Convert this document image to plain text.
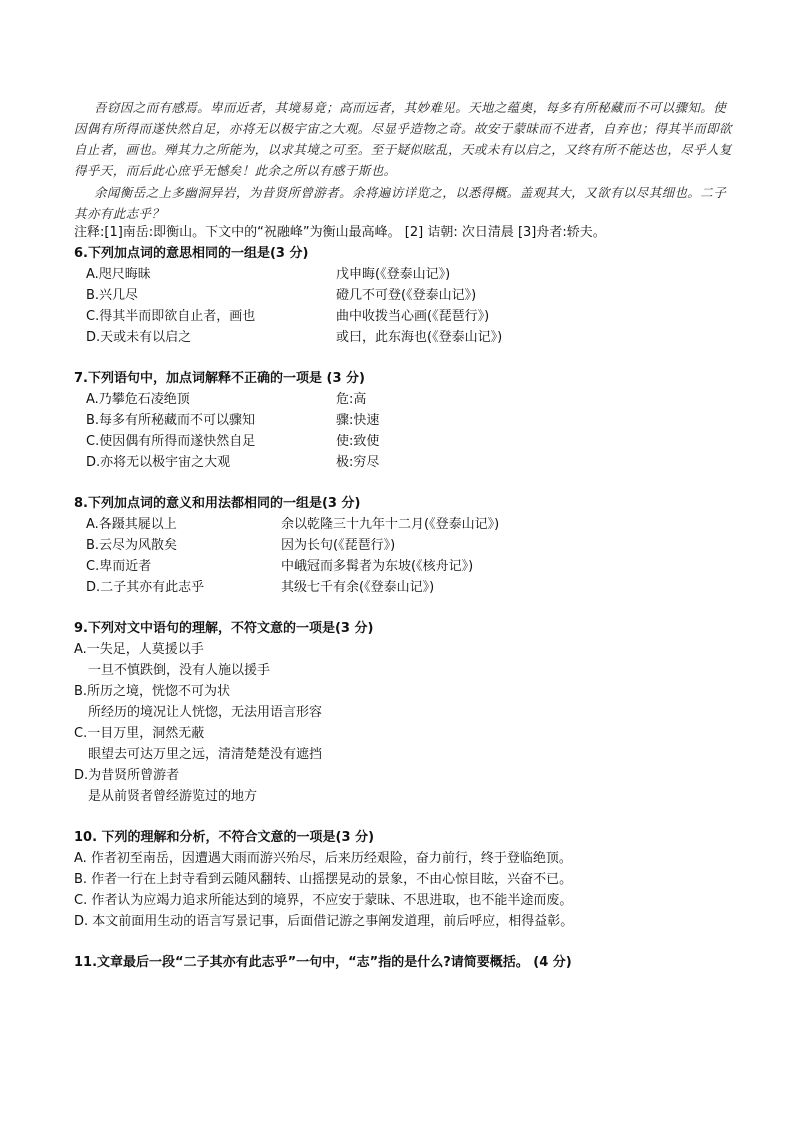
吾窃因之而有感焉。卑而近者，其境易竟；高而远者，其妙难见。天地之蕴奥，每多有所秘藏而不可以骤知。使因偶有所得而遂快然自足，亦将无以极宇宙之大观。尽显乎造物之奇。故安于蒙昧而不进者，自弃也；得其半而即欲自止者，画也。殚其力之所能为，以求其境之可至。至于疑似眩乱，天或未有以启之，又终有所不能达也，尽乎人复得乎天，而后此心庶乎无憾矣！此余之所以有感于斯也。
余闻衡岳之上多幽洞异岩，为昔贤所曾游者。余将遍访详览之，以悉得概。盖观其大，又欲有以尽其细也。二子其亦有此志乎？
注释:[1]南岳:即衡山。下文中的“祝融峰”为衡山最高峰。 [2] 诘朝: 次日清晨 [3]舟者:轿夫。
6.下列加点词的意思相同的一组是(3 分)
A.咫尺晦昧	戊申晦(《登泰山记》)
B.兴几尽	磴几不可登(《登泰山记》)
C.得其半而即欲自止者，画也	曲中收拨当心画(《琵琶行》)
D.天或未有以启之	或曰，此东海也(《登泰山记》)
7.下列语句中，加点词解释不正确的一项是 (3 分)
A.乃攀危石凌绝顶	危:高
B.每多有所秘藏而不可以骤知	骤:快速
C.使因偶有所得而遂快然自足	使:致使
D.亦将无以极宇宙之大观	极:穷尽
8.下列加点词的意义和用法都相同的一组是(3 分)
A.各蹑其屣以上	余以乾隆三十九年十二月(《登泰山记》)
B.云尽为风散矣	因为长句(《琵琶行》)
C.卑而近者	中峨冠而多髯者为东坡(《核舟记》)
D.二子其亦有此志乎	其级七千有余(《登泰山记》)
9.下列对文中语句的理解，不符文意的一项是(3 分)
A.一失足，人莫援以手
一旦不慎跌倒，没有人施以援手
B.所历之境，恍惚不可为状
所经历的境况让人恍惚，无法用语言形容
C.一目万里，洞然无蔽
眼望去可达万里之远，清清楚楚没有遮挡
D.为昔贤所曾游者
是从前贤者曾经游览过的地方
10. 下列的理解和分析，不符合文意的一项是(3 分)
A. 作者初至南岳，因遭遇大雨而游兴殆尽，后来历经艰险，奋力前行，终于登临绝顶。
B. 作者一行在上封寺看到云随风翻转、山摇摆晃动的景象，不由心惊目眩，兴奋不已。
C. 作者认为应竭力追求所能达到的境界，不应安于蒙昧、不思进取，也不能半途而废。
D. 本文前面用生动的语言写景记事，后面借记游之事阐发道理，前后呼应，相得益彰。
11.文章最后一段“二子其亦有此志乎”一句中，“志”指的是什么?请简要概括。 (4 分)
